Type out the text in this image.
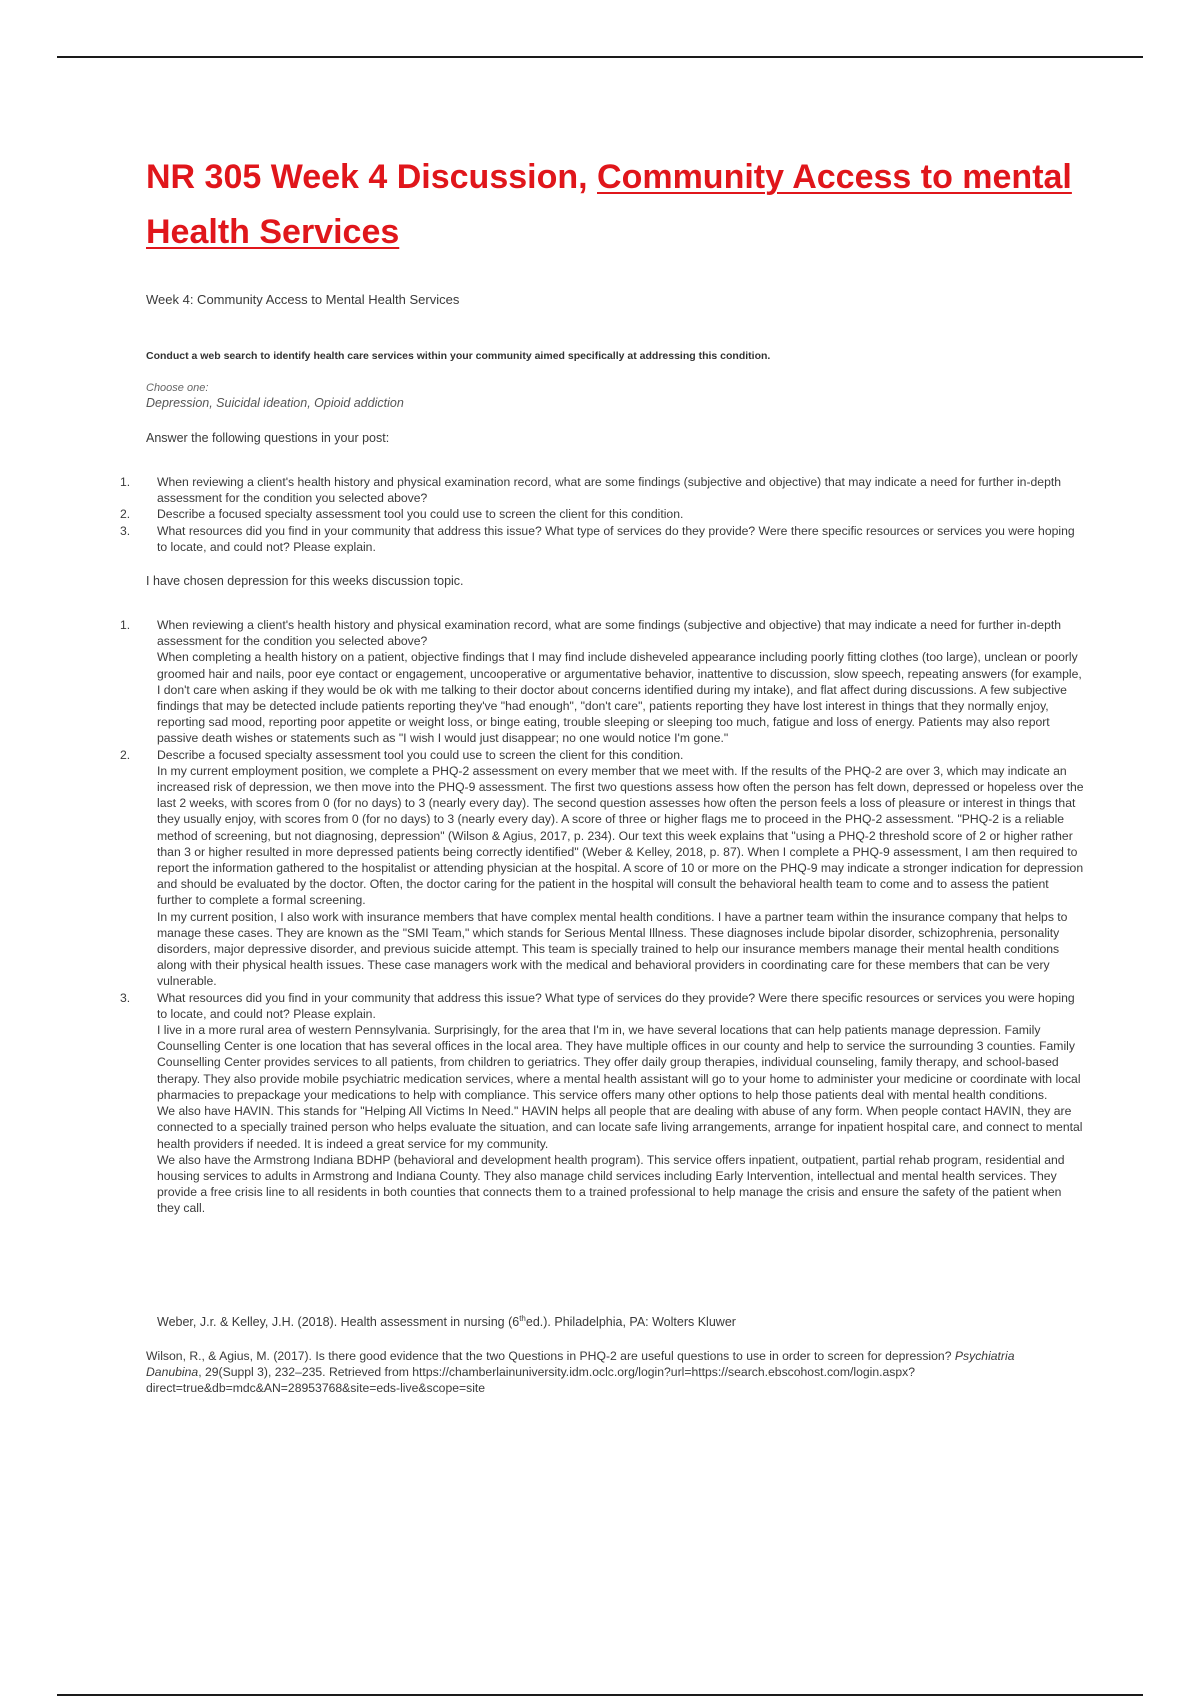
NR 305 Week 4 Discussion, Community Access to mental Health Services

Week 4: Community Access to Mental Health Services

Conduct a web search to identify health care services within your community aimed specifically at addressing this condition.

Choose one:

Depression, Suicidal ideation, Opioid addiction

Answer the following questions in your post:

1. When reviewing a client's health history and physical examination record, what are some findings (subjective and objective) that may indicate a need for further in-depth assessment for the condition you selected above?

2. Describe a focused specialty assessment tool you could use to screen the client for this condition.

3. What resources did you find in your community that address this issue? What type of services do they provide? Were there specific resources or services you were hoping to locate, and could not? Please explain.

I have chosen depression for this weeks discussion topic.

1. When reviewing a client's health history and physical examination record, what are some findings (subjective and objective) that may indicate a need for further in-depth assessment for the condition you selected above?

When completing a health history on a patient, objective findings that I may find include disheveled appearance including poorly fitting clothes (too large), unclean or poorly groomed hair and nails, poor eye contact or engagement, uncooperative or argumentative behavior, inattentive to discussion, slow speech, repeating answers (for example, I don't care when asking if they would be ok with me talking to their doctor about concerns identified during my intake), and flat affect during discussions. A few subjective findings that may be detected include patients reporting they've "had enough", "don't care", patients reporting they have lost interest in things that they normally enjoy, reporting sad mood, reporting poor appetite or weight loss, or binge eating, trouble sleeping or sleeping too much, fatigue and loss of energy. Patients may also report passive death wishes or statements such as "I wish I would just disappear; no one would notice I'm gone."

2. Describe a focused specialty assessment tool you could use to screen the client for this condition.

In my current employment position, we complete a PHQ-2 assessment on every member that we meet with. If the results of the PHQ-2 are over 3, which may indicate an increased risk of depression, we then move into the PHQ-9 assessment. The first two questions assess how often the person has felt down, depressed or hopeless over the last 2 weeks, with scores from 0 (for no days) to 3 (nearly every day). The second question assesses how often the person feels a loss of pleasure or interest in things that they usually enjoy, with scores from 0 (for no days) to 3 (nearly every day). A score of three or higher flags me to proceed in the PHQ-2 assessment. "PHQ-2 is a reliable method of screening, but not diagnosing, depression" (Wilson & Agius, 2017, p. 234). Our text this week explains that "using a PHQ-2 threshold score of 2 or higher rather than 3 or higher resulted in more depressed patients being correctly identified" (Weber & Kelley, 2018, p. 87). When I complete a PHQ-9 assessment, I am then required to report the information gathered to the hospitalist or attending physician at the hospital. A score of 10 or more on the PHQ-9 may indicate a stronger indication for depression and should be evaluated by the doctor. Often, the doctor caring for the patient in the hospital will consult the behavioral health team to come and to assess the patient further to complete a formal screening.

In my current position, I also work with insurance members that have complex mental health conditions. I have a partner team within the insurance company that helps to manage these cases. They are known as the "SMI Team," which stands for Serious Mental Illness. These diagnoses include bipolar disorder, schizophrenia, personality disorders, major depressive disorder, and previous suicide attempt. This team is specially trained to help our insurance members manage their mental health conditions along with their physical health issues. These case managers work with the medical and behavioral providers in coordinating care for these members that can be very vulnerable.

3. What resources did you find in your community that address this issue? What type of services do they provide? Were there specific resources or services you were hoping to locate, and could not? Please explain.

I live in a more rural area of western Pennsylvania. Surprisingly, for the area that I'm in, we have several locations that can help patients manage depression. Family Counselling Center is one location that has several offices in the local area. They have multiple offices in our county and help to service the surrounding 3 counties. Family Counselling Center provides services to all patients, from children to geriatrics. They offer daily group therapies, individual counseling, family therapy, and school-based therapy. They also provide mobile psychiatric medication services, where a mental health assistant will go to your home to administer your medicine or coordinate with local pharmacies to prepackage your medications to help with compliance. This service offers many other options to help those patients deal with mental health conditions.

We also have HAVIN. This stands for "Helping All Victims In Need." HAVIN helps all people that are dealing with abuse of any form. When people contact HAVIN, they are connected to a specially trained person who helps evaluate the situation, and can locate safe living arrangements, arrange for inpatient hospital care, and connect to mental health providers if needed. It is indeed a great service for my community.

We also have the Armstrong Indiana BDHP (behavioral and development health program). This service offers inpatient, outpatient, partial rehab program, residential and housing services to adults in Armstrong and Indiana County. They also manage child services including Early Intervention, intellectual and mental health services. They provide a free crisis line to all residents in both counties that connects them to a trained professional to help manage the crisis and ensure the safety of the patient when they call.

Weber, J.r. & Kelley, J.H. (2018). Health assessment in nursing (6thed.). Philadelphia, PA: Wolters Kluwer

Wilson, R., & Agius, M. (2017). Is there good evidence that the two Questions in PHQ-2 are useful questions to use in order to screen for depression? Psychiatria Danubina, 29(Suppl 3), 232–235. Retrieved from https://chamberlainuniversity.idm.oclc.org/login?url=https://search.ebscohost.com/login.aspx?direct=true&db=mdc&AN=28953768&site=eds-live&scope=site
